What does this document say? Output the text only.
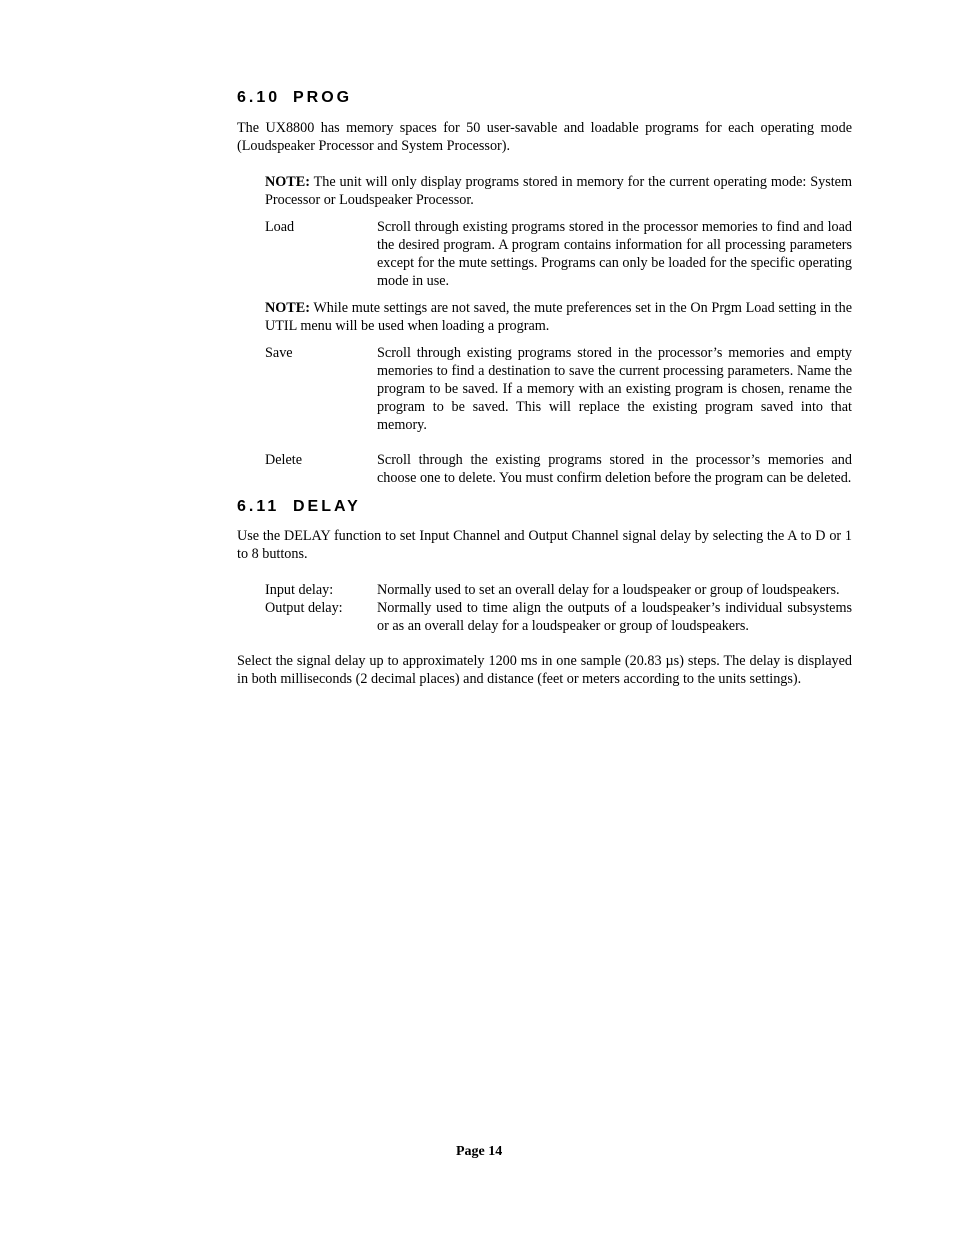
6.10 PROG
The UX8800 has memory spaces for 50 user-savable and loadable programs for each operating mode (Loudspeaker Processor and System Processor).
NOTE: The unit will only display programs stored in memory for the current operating mode: System Processor or Loudspeaker Processor.
Load	Scroll through existing programs stored in the processor memories to find and load the desired program. A program contains information for all processing parameters except for the mute settings. Programs can only be loaded for the specific operating mode in use.
NOTE: While mute settings are not saved, the mute preferences set in the On Prgm Load setting in the UTIL menu will be used when loading a program.
Save	Scroll through existing programs stored in the processor’s memories and empty memories to find a destination to save the current processing parameters. Name the program to be saved. If a memory with an existing program is chosen, rename the program to be saved. This will replace the existing program saved into that memory.
Delete	Scroll through the existing programs stored in the processor’s memories and choose one to delete. You must confirm deletion before the program can be deleted.
6.11 DELAY
Use the DELAY function to set Input Channel and Output Channel signal delay by selecting the A to D or 1 to 8 buttons.
Input delay:	Normally used to set an overall delay for a loudspeaker or group of loudspeakers.
Output delay:	Normally used to time align the outputs of a loudspeaker’s individual subsystems or as an overall delay for a loudspeaker or group of loudspeakers.
Select the signal delay up to approximately 1200 ms in one sample (20.83 µs) steps. The delay is displayed in both milliseconds (2 decimal places) and distance (feet or meters according to the units settings).
Page 14
